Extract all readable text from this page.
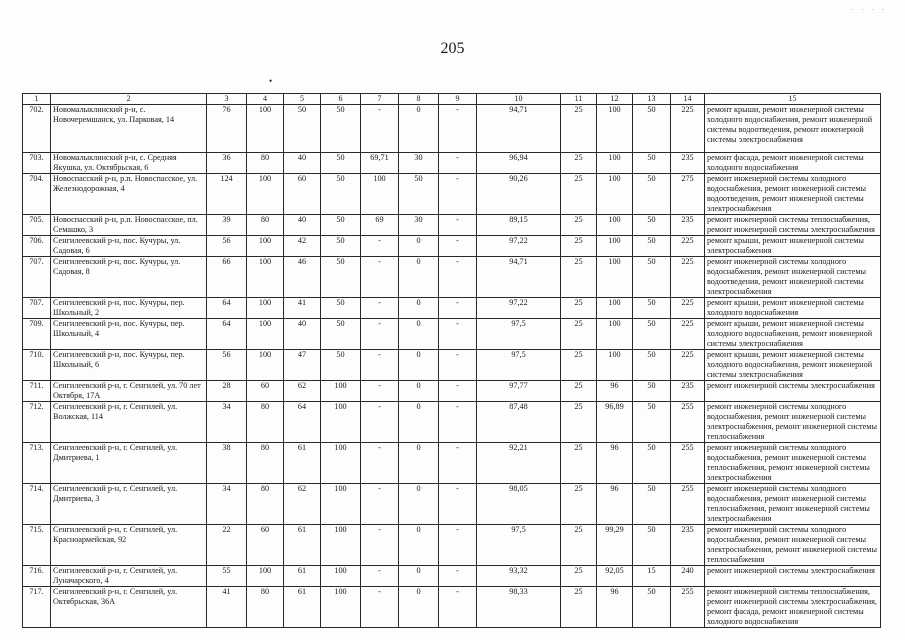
· · · ·
205
•
1	2	3	4	5	6	7	8	9	10	11	12	13	14	15
702.	Новомалыклинский р-н, с. Новочеремшанск, ул. Парковая, 14	76	100	50	50	-	0	-	94,71	25	100	50	225	ремонт крыши, ремонт инженерной системы холодного водоснабжения, ремонт инженерной системы водоотведения, ремонт инженерной системы электроснабжения
703.	Новомалыклинский р-н, с. Средняя Якушка, ул. Октябрьская, 6	36	80	40	50	69,71	30	-	96,94	25	100	50	235	ремонт фасада, ремонт инженерной системы холодного водоснабжения
704.	Новоспасский р-н, р.п. Новоспасское, ул. Железнодорожная, 4	124	100	60	50	100	50	-	90,26	25	100	50	275	ремонт инженерной системы холодного водоснабжения, ремонт инженерной системы водоотведения, ремонт инженерной системы электроснабжения
705.	Новоспасский р-н, р.п. Новоспасское, пл. Семашко, 3	39	80	40	50	69	30	-	89,15	25	100	50	235	ремонт инженерной системы теплоснабжения, ремонт инженерной системы электроснабжения
706.	Сенгилеевский р-н, пос. Кучуры, ул. Садовая, 6	56	100	42	50	-	0	-	97,22	25	100	50	225	ремонт крыши, ремонт инженерной системы электроснабжения
707.	Сенгилеевский р-н, пос. Кучуры, ул. Садовая, 8	66	100	46	50	-	0	-	94,71	25	100	50	225	ремонт инженерной системы холодного водоснабжения, ремонт инженерной системы водоотведения, ремонт инженерной системы электроснабжения
707.	Сенгилеевский р-н, пос. Кучуры, пер. Школьный, 2	64	100	41	50	-	0	-	97,22	25	100	50	225	ремонт крыши, ремонт инженерной системы холодного водоснабжения
709.	Сенгилеевский р-н, пос. Кучуры, пер. Школьный, 4	64	100	40	50	-	0	-	97,5	25	100	50	225	ремонт крыши, ремонт инженерной системы холодного водоснабжения, ремонт инженерной системы электроснабжения
710.	Сенгилеевский р-н, пос. Кучуры, пер. Школьный, 6	56	100	47	50	-	0	-	97,5	25	100	50	225	ремонт крыши, ремонт инженерной системы холодного водоснабжения, ремонт инженерной системы электроснабжения
711.	Сенгилеевский р-н, г. Сенгилей, ул. 70 лет Октября, 17А	28	60	62	100	-	0	-	97,77	25	96	50	235	ремонт инженерной системы электроснабжения
712.	Сенгилеевский р-н, г. Сенгилей, ул. Волжская, 114	34	80	64	100	-	0	-	87,48	25	96,89	50	255	ремонт инженерной системы холодного водоснабжения, ремонт инженерной системы электроснабжения, ремонт инженерной системы теплоснабжения
713.	Сенгилеевский р-н, г. Сенгилей, ул. Дмитриева, 1	38	80	61	100	-	0	-	92,21	25	96	50	255	ремонт инженерной системы холодного водоснабжения, ремонт инженерной системы теплоснабжения, ремонт инженерной системы электроснабжения
714.	Сенгилеевский р-н, г. Сенгилей, ул. Дмитриева, 3	34	80	62	100	-	0	-	98,05	25	96	50	255	ремонт инженерной системы холодного водоснабжения, ремонт инженерной системы теплоснабжения, ремонт инженерной системы электроснабжения
715.	Сенгилеевский р-н, г. Сенгилей, ул. Красноармейская, 92	22	60	61	100	-	0	-	97,5	25	99,29	50	235	ремонт инженерной системы холодного водоснабжения, ремонт инженерной системы электроснабжения, ремонт инженерной системы теплоснабжения
716.	Сенгилеевский р-н, г. Сенгилей, ул. Луначарского, 4	55	100	61	100	-	0	-	93,32	25	92,05	15	240	ремонт инженерной системы электроснабжения
717.	Сенгилеевский р-н, г. Сенгилей, ул. Октябрьская, 36А	41	80	61	100	-	0	-	98,33	25	96	50	255	ремонт инженерной системы теплоснабжения, ремонт инженерной системы электроснабжения, ремонт фасада, ремонт инженерной системы холодного водоснабжения
